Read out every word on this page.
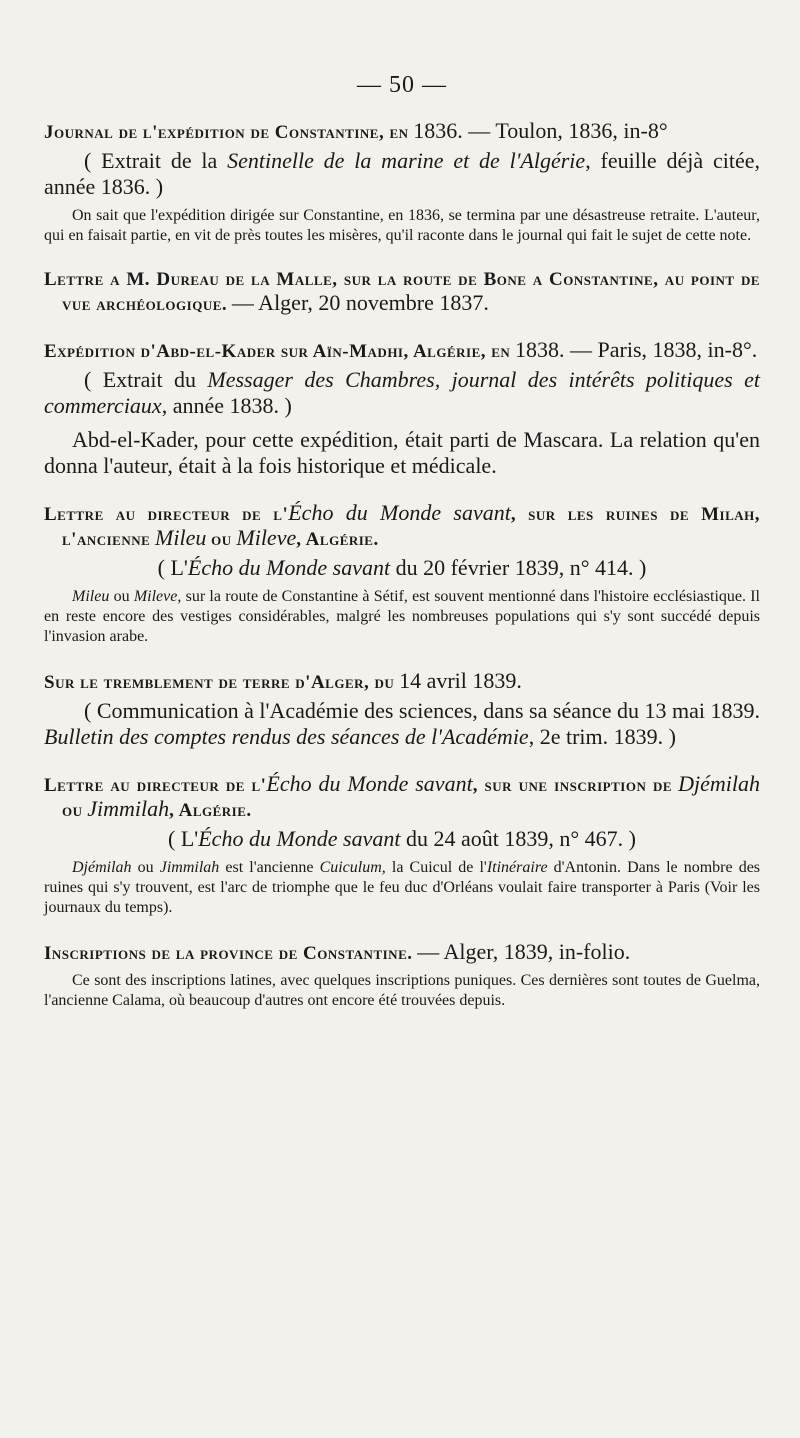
— 50 —
Journal de l'expédition de Constantine, en 1836. — Toulon, 1836, in-8°
( Extrait de la Sentinelle de la marine et de l'Algérie, feuille déjà citée, année 1836. )
On sait que l'expédition dirigée sur Constantine, en 1836, se termina par une désastreuse retraite. L'auteur, qui en faisait partie, en vit de près toutes les misères, qu'il raconte dans le journal qui fait le sujet de cette note.
Lettre a M. Dureau de la Malle, sur la route de Bone a Constantine, au point de vue archéologique. — Alger, 20 novembre 1837.
Expédition d'Abd-el-Kader sur Aïn-Madhi, Algérie, en 1838. — Paris, 1838, in-8°.
( Extrait du Messager des Chambres, journal des intérêts politiques et commerciaux, année 1838. )
Abd-el-Kader, pour cette expédition, était parti de Mascara. La relation qu'en donna l'auteur, était à la fois historique et médicale.
Lettre au directeur de l'Écho du Monde savant, sur les ruines de Milah, l'ancienne Mileu ou Mileve, Algérie.
( L'Écho du Monde savant du 20 février 1839, n° 414. )
Mileu ou Mileve, sur la route de Constantine à Sétif, est souvent mentionné dans l'histoire ecclésiastique. Il en reste encore des vestiges considérables, malgré les nombreuses populations qui s'y sont succédé depuis l'invasion arabe.
Sur le tremblement de terre d'Alger, du 14 avril 1839.
( Communication à l'Académie des sciences, dans sa séance du 13 mai 1839. Bulletin des comptes rendus des séances de l'Académie, 2e trim. 1839. )
Lettre au directeur de l'Écho du Monde savant, sur une inscription de Djémilah ou Jimmilah, Algérie.
( L'Écho du Monde savant du 24 août 1839, n° 467. )
Djémilah ou Jimmilah est l'ancienne Cuiculum, la Cuicul de l'Itinéraire d'Antonin. Dans le nombre des ruines qui s'y trouvent, est l'arc de triomphe que le feu duc d'Orléans voulait faire transporter à Paris (Voir les journaux du temps).
Inscriptions de la province de Constantine. — Alger, 1839, in-folio.
Ce sont des inscriptions latines, avec quelques inscriptions puniques. Ces dernières sont toutes de Guelma, l'ancienne Calama, où beaucoup d'autres ont encore été trouvées depuis.
